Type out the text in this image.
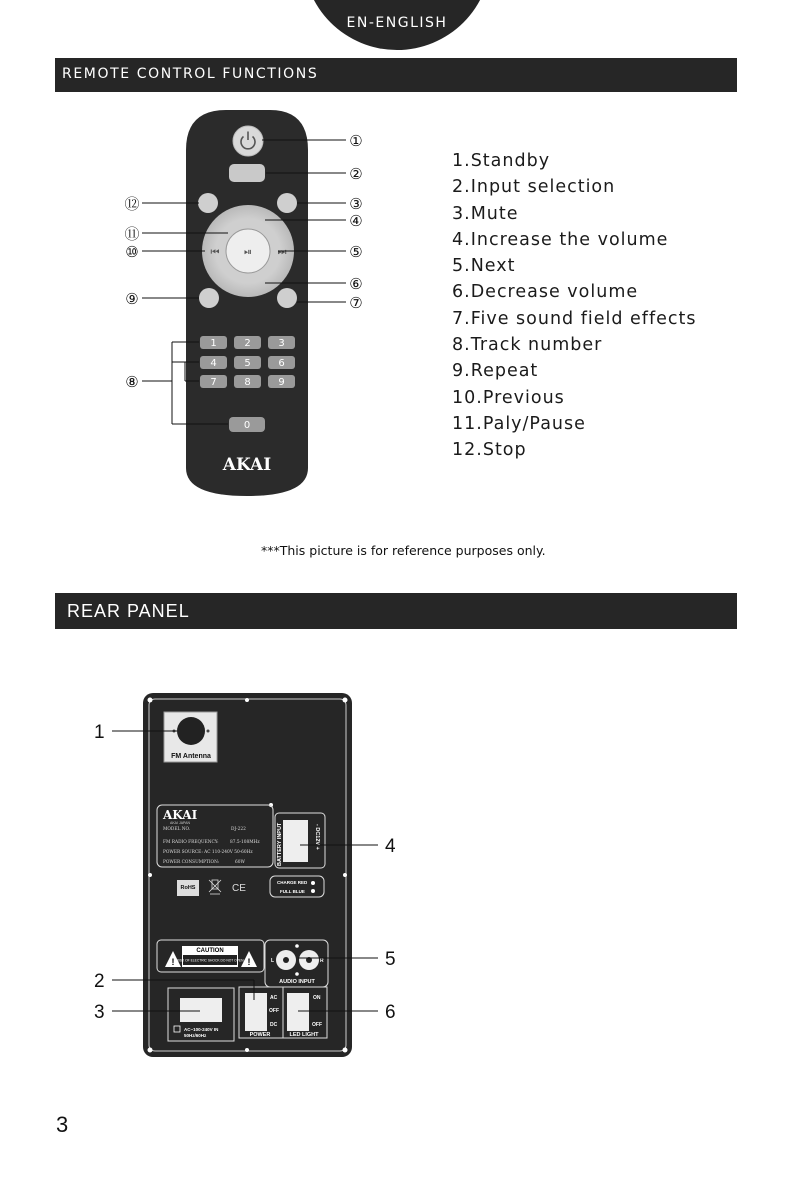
EN-ENGLISH
REMOTE CONTROL FUNCTIONS
⏯
⏮	⏭
1	2	3
4	5	6
7	8	9
0
AKAI
①
②
③
④
⑤
⑥
⑦
⑧
⑨
⑩
⑪
⑫
FM Antenna
AKAI
AKAI JAPAN
MODEL NO.	DJ-222
FM RADIO FREQUENCY:	87.5-108MHz
POWER SOURCE: AC 110-240V 50-60Hz
POWER CONSUMPTION:	60W
RoHS	CE
BATTERY INPUT	- DC12V +
CHARGE RED
FULL BLUE
!	!
CAUTION
RISK OF ELECTRIC SHOCK DO NOT OPEN	L	R
AUDIO INPUT
AC~100-240V IN
50Hz/60Hz
AC
OFF
DC
POWER
ON
OFF
LED LIGHT
1
2
3
4
5
6
1.Standby
2.Input selection
3.Mute
4.Increase the volume
5.Next
6.Decrease volume
7.Five sound field effects
8.Track number
9.Repeat
10.Previous
11.Paly/Pause
12.Stop
***This picture is for reference purposes only.
REAR PANEL
3
